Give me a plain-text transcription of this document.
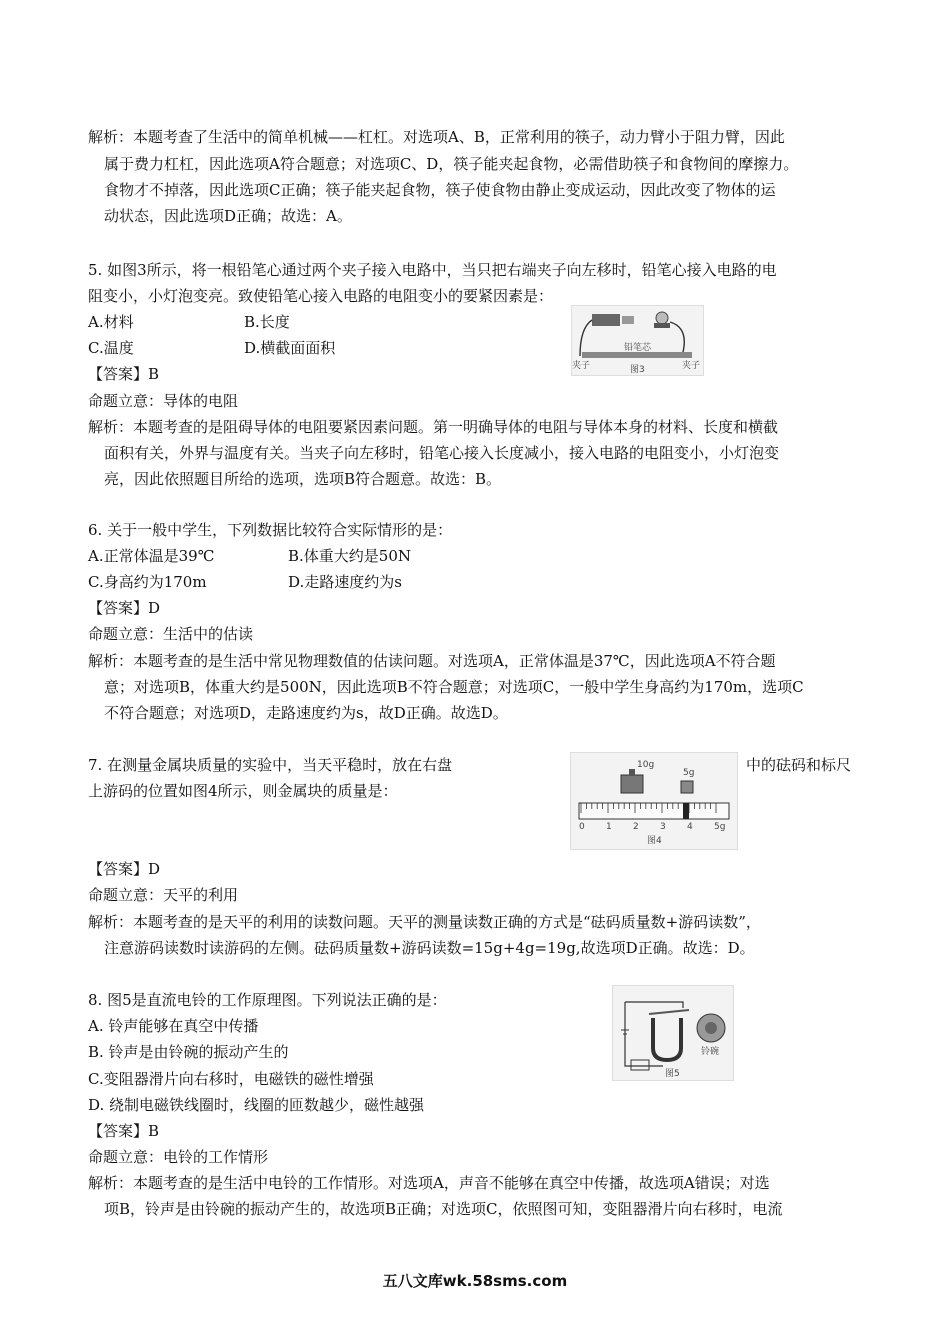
解析：本题考查了生活中的简单机械——杠杠。对选项A、B，正常利用的筷子，动力臂小于阻力臂，因此
属于费力杠杠，因此选项A符合题意；对选项C、D，筷子能夹起食物，必需借助筷子和食物间的摩擦力。
食物才不掉落，因此选项C正确；筷子能夹起食物，筷子使食物由静止变成运动，因此改变了物体的运
动状态，因此选项D正确；故选：A。
5. 如图3所示，将一根铅笔心通过两个夹子接入电路中，当只把右端夹子向左移时，铅笔心接入电路的电
阻变小，小灯泡变亮。致使铅笔心接入电路的电阻变小的要紧因素是：
A.材料	B.长度
C.温度	D.横截面面积
夹子
铅笔芯
夹子
图3
【答案】B
命题立意：导体的电阻
解析：本题考查的是阻碍导体的电阻要紧因素问题。第一明确导体的电阻与导体本身的材料、长度和横截
面积有关，外界与温度有关。当夹子向左移时，铅笔心接入长度减小，接入电路的电阻变小，小灯泡变
亮，因此依照题目所给的选项，选项B符合题意。故选：B。
6. 关于一般中学生，下列数据比较符合实际情形的是：
A.正常体温是39℃	B.体重大约是50N
C.身高约为170m	D.走路速度约为s
【答案】D
命题立意：生活中的估读
解析：本题考查的是生活中常见物理数值的估读问题。对选项A，正常体温是37℃，因此选项A不符合题
意；对选项B，体重大约是500N，因此选项B不符合题意；对选项C，一般中学生身高约为170m，选项C
不符合题意；对选项D，走路速度约为s，故D正确。故选D。
7. 在测量金属块质量的实验中，当天平稳时，放在右盘	中的砝码和标尺
上游码的位置如图4所示，则金属块的质量是：
10g
5g
0 1 2 3 4 5g
图4
【答案】D
命题立意：天平的利用
解析：本题考查的是天平的利用的读数问题。天平的测量读数正确的方式是“砝码质量数+游码读数”，
注意游码读数时读游码的左侧。砝码质量数+游码读数=15g+4g=19g,故选项D正确。故选：D。
8. 图5是直流电铃的工作原理图。下列说法正确的是：
铃碗
图5
A. 铃声能够在真空中传播
B. 铃声是由铃碗的振动产生的
C.变阻器滑片向右移时，电磁铁的磁性增强
D. 绕制电磁铁线圈时，线圈的匝数越少，磁性越强
【答案】B
命题立意：电铃的工作情形
解析：本题考查的是生活中电铃的工作情形。对选项A，声音不能够在真空中传播，故选项A错误；对选
项B，铃声是由铃碗的振动产生的，故选项B正确；对选项C，依照图可知，变阻器滑片向右移时，电流
五八文库wk.58sms.com
